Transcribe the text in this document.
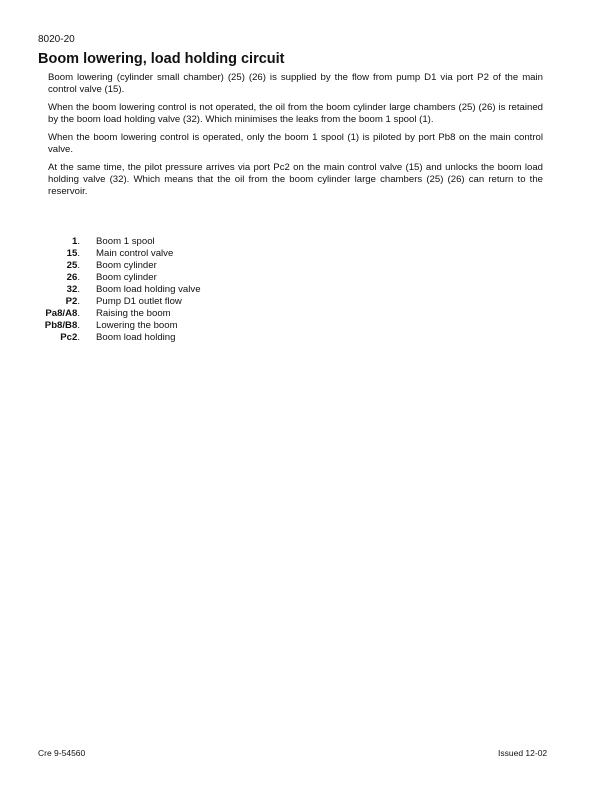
8020-20
Boom lowering, load holding circuit

Boom lowering (cylinder small chamber) (25) (26) is supplied by the flow from pump D1 via port P2 of the main control valve (15).

When the boom lowering control is not operated, the oil from the boom cylinder large chambers (25) (26) is retained by the boom load holding valve (32). Which minimises the leaks from the boom 1 spool (1).

When the boom lowering control is operated, only the boom 1 spool (1) is piloted by port Pb8 on the main control valve.

At the same time, the pilot pressure arrives via port Pc2 on the main control valve (15) and unlocks the boom load holding valve (32). Which means that the oil from the boom cylinder large chambers (25) (26) can return to the reservoir.

1. Boom 1 spool
15. Main control valve
25. Boom cylinder
26. Boom cylinder
32. Boom load holding valve
P2. Pump D1 outlet flow
Pa8/A8. Raising the boom
Pb8/B8. Lowering the boom
Pc2. Boom load holding
Cre 9-54560	Issued 12-02
